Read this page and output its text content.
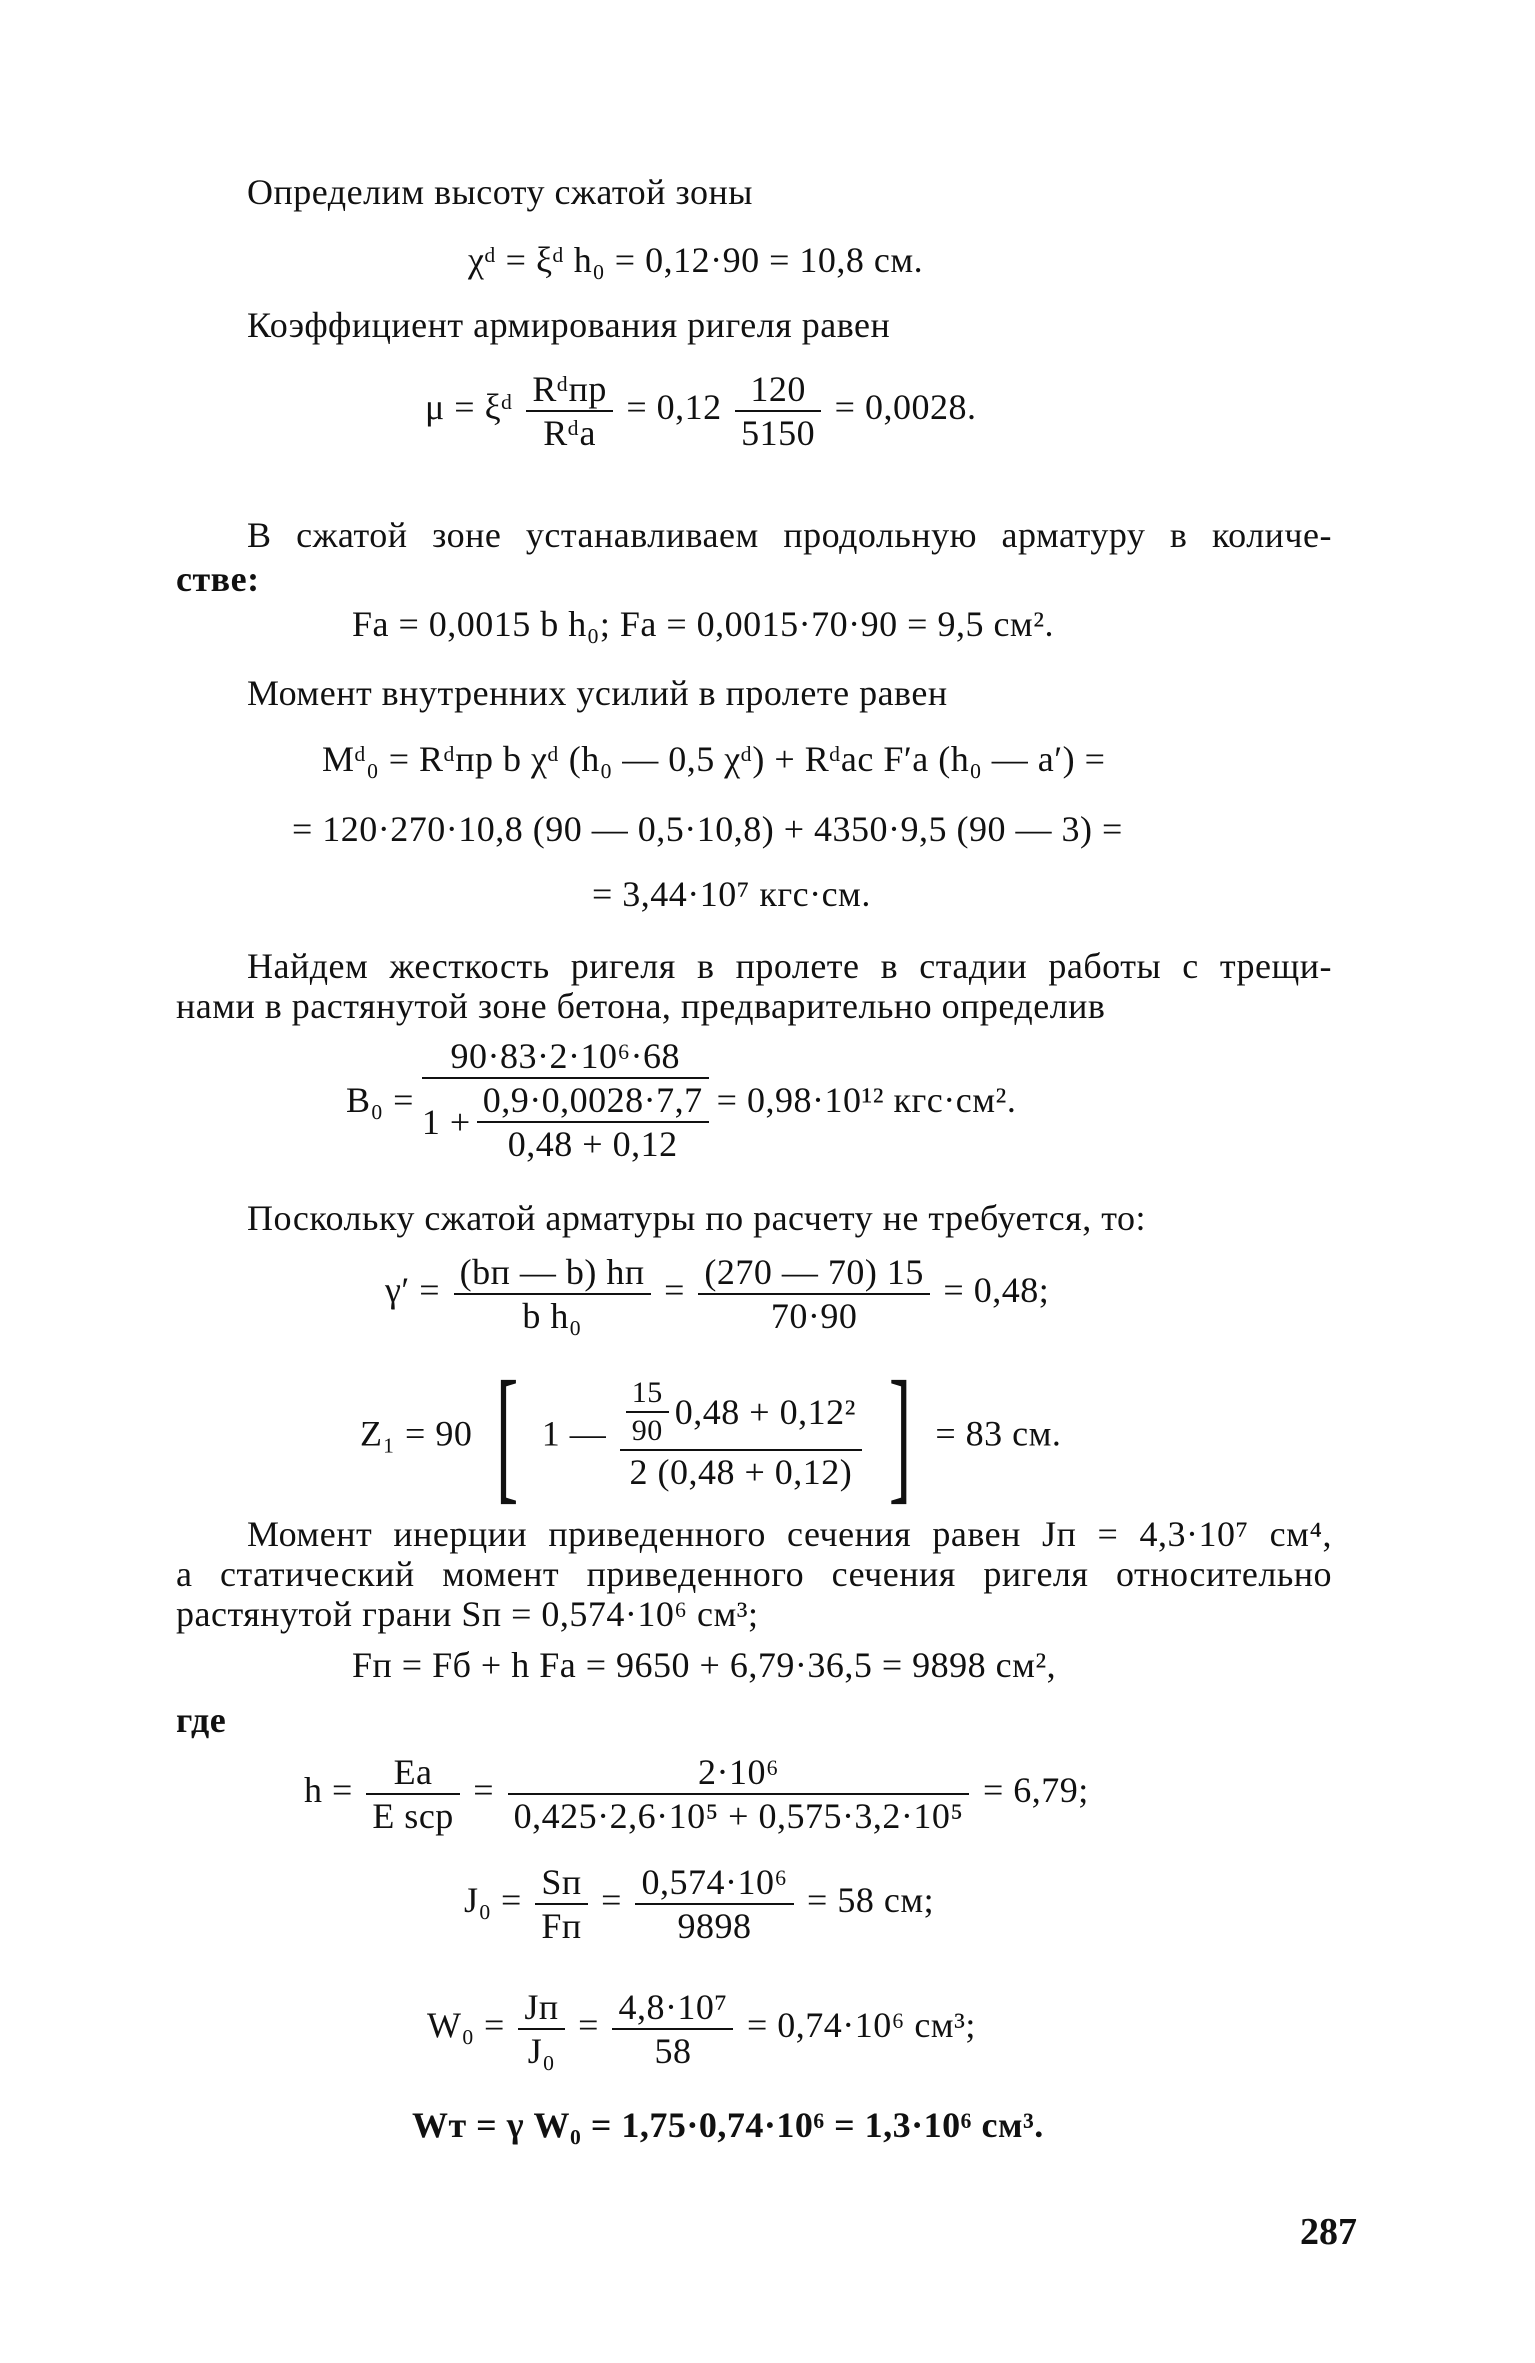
Определим высоту сжатой зоны
χᵈ = ξᵈ h₀ = 0,12·90 = 10,8 см.
Коэффициент армирования ригеля равен
μ = ξᵈ $\frac{\text{Rᵈпр}}{\text{Rᵈа}} = 0,12 \frac{120}{5150} = 0,0028$.
В сжатой зоне устанавливаем продольную арматуру в количе-
стве:
Fа = 0,0015 b h₀; Fа = 0,0015·70·90 = 9,5 см².
Момент внутренних усилий в пролете равен
Mᵈ₀ = Rᵈпр b χᵈ (h₀ — 0,5 χᵈ) + Rᵈас F′а (h₀ — a′) =
= 120·270·10,8 (90 — 0,5·10,8) + 4350·9,5 (90 — 3) =
= 3,44·10⁷ кгс·см.
Найдем жесткость ригеля в пролете в стадии работы с трещи-
нами в растянутой зоне бетона, предварительно определив
B₀ =	
90·83·2·10⁶·68
$1 + \frac{0,9\cdot 0,0028\cdot 7,7}{0,48 + 0,12}$	= 0,98·10¹² кгс·см².
Поскольку сжатой арматуры по расчету не требуется, то:
$\gamma' = \frac{(bп — b) hп}{\text{b h₀}} = \frac{(270 — 70) 15}{70\cdot 90} = 0,48$;
Z₁ = 90 [ 1 — $\frac{\frac{15}{90} 0,48 + 0,12^2}{2 (0,48 + 0,12)}$ ] = 83 см.
Момент инерции приведенного сечения равен Jп = 4,3·10⁷ см⁴,
а статический момент приведенного сечения ригеля относительно
растянутой грани Sп = 0,574·10⁶ см³;
Fп = Fб + h Fа = 9650 + 6,79·36,5 = 9898 см²,
где
$h = \frac{Eа}{\text{E sср}} = \frac{\text{2·10⁶}}{\text{0,425·2,6·10⁵ + 0,575·3,2·10⁵}} = 6,79$;
$J_0 = \frac{Sп}{Fп} = \frac{\text{0,574·10⁶}}{9898} = 58$ см;
$W_0 = \frac{Jп}{\text{J₀}} = \frac{\text{4,8·10⁷}}{58} = 0,74\cdot 10^6$ см³;
Wт = γ W₀ = 1,75·0,74·10⁶ = 1,3·10⁶ см³.
287
